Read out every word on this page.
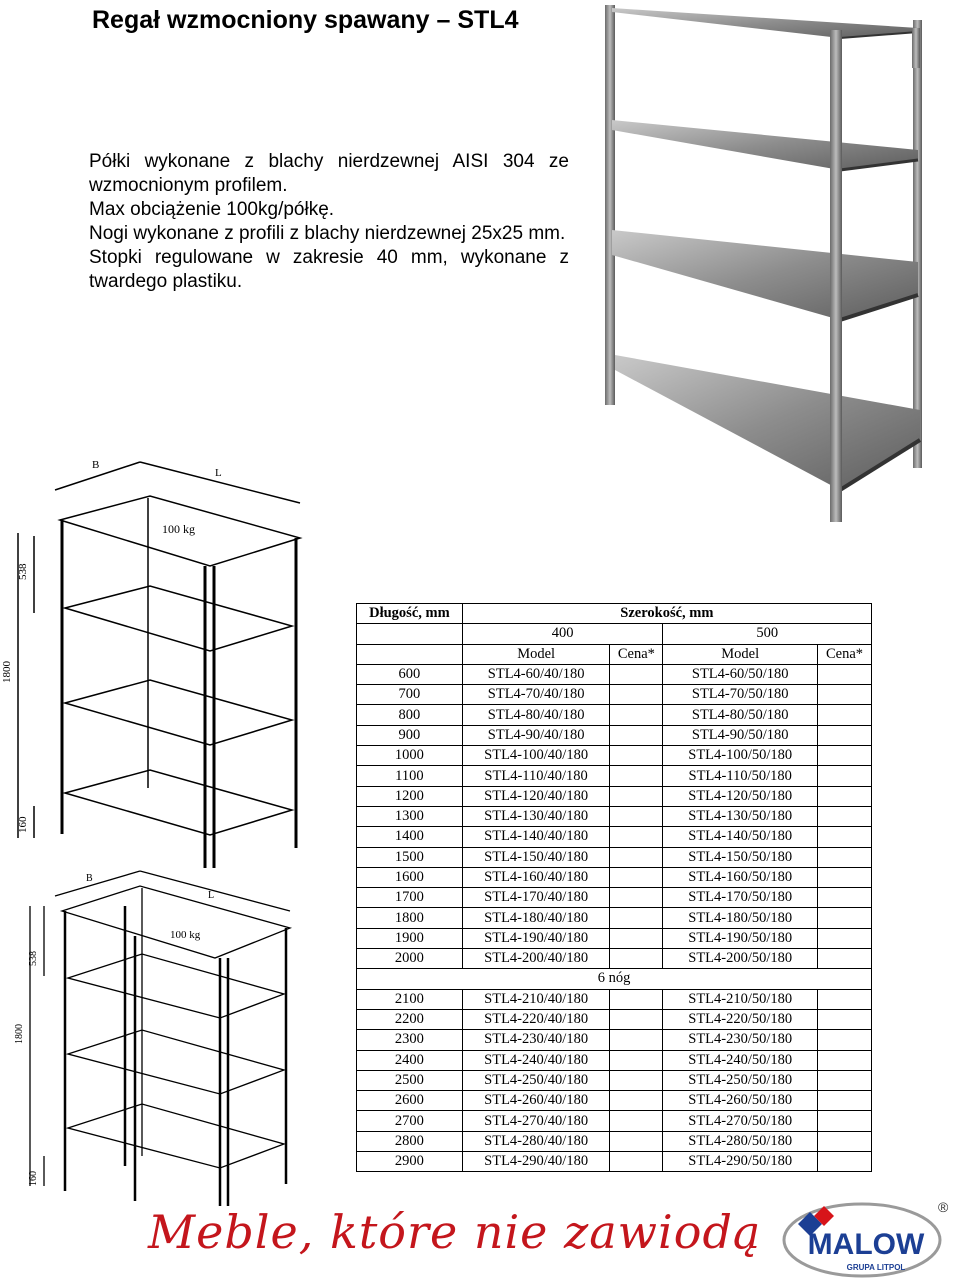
Regał wzmocniony spawany – STL4
Półki wykonane z blachy nierdzewnej AISI 304 ze wzmocnionym profilem.
Max obciążenie 100kg/półkę.
Nogi wykonane z profili z blachy nierdzewnej 25x25 mm.
Stopki regulowane w zakresie 40 mm, wykonane z twardego plastiku.
B
L
100 kg
538
1800
160
B
L
100 kg
538
1800
160
Długość, mm	Szerokość, mm			
	400		500	
	Model	Cena*	Model	Cena*
600	STL4-60/40/180		STL4-60/50/180	
700	STL4-70/40/180		STL4-70/50/180	
800	STL4-80/40/180		STL4-80/50/180	
900	STL4-90/40/180		STL4-90/50/180	
1000	STL4-100/40/180		STL4-100/50/180	
1100	STL4-110/40/180		STL4-110/50/180	
1200	STL4-120/40/180		STL4-120/50/180	
1300	STL4-130/40/180		STL4-130/50/180	
1400	STL4-140/40/180		STL4-140/50/180	
1500	STL4-150/40/180		STL4-150/50/180	
1600	STL4-160/40/180		STL4-160/50/180	
1700	STL4-170/40/180		STL4-170/50/180	
1800	STL4-180/40/180		STL4-180/50/180	
1900	STL4-190/40/180		STL4-190/50/180	
2000	STL4-200/40/180		STL4-200/50/180	
6 nóg				
2100	STL4-210/40/180		STL4-210/50/180	
2200	STL4-220/40/180		STL4-220/50/180	
2300	STL4-230/40/180		STL4-230/50/180	
2400	STL4-240/40/180		STL4-240/50/180	
2500	STL4-250/40/180		STL4-250/50/180	
2600	STL4-260/40/180		STL4-260/50/180	
2700	STL4-270/40/180		STL4-270/50/180	
2800	STL4-280/40/180		STL4-280/50/180	
2900	STL4-290/40/180		STL4-290/50/180	
Meble, które nie zawiodą MALOW
GRUPA LITPOL
®
